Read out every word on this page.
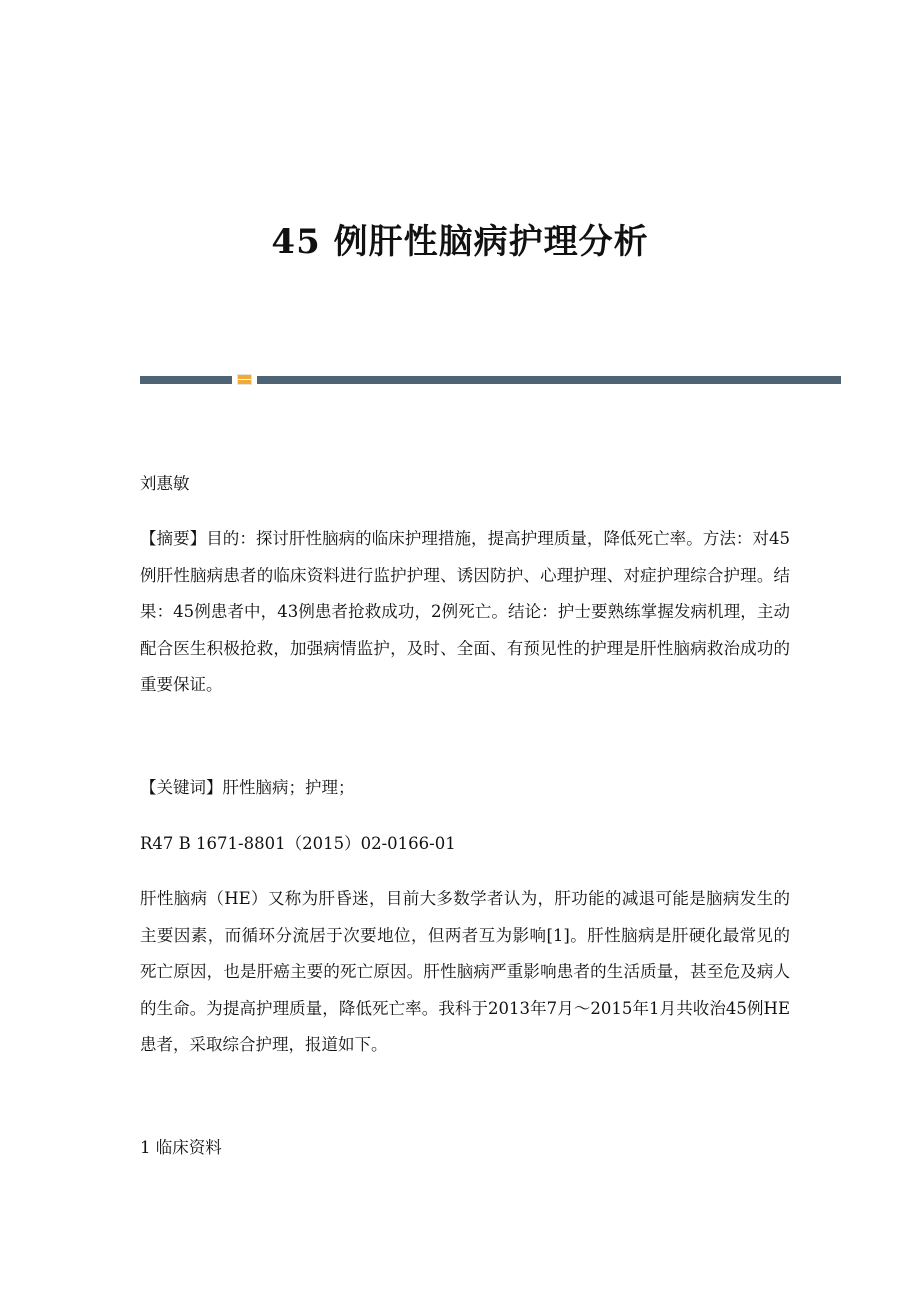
45 例肝性脑病护理分析
刘惠敏
【摘要】目的：探讨肝性脑病的临床护理措施，提高护理质量，降低死亡率。方法：对45例肝性脑病患者的临床资料进行监护护理、诱因防护、心理护理、对症护理综合护理。结果：45例患者中，43例患者抢救成功，2例死亡。结论：护士要熟练掌握发病机理，主动配合医生积极抢救，加强病情监护，及时、全面、有预见性的护理是肝性脑病救治成功的重要保证。
【关键词】肝性脑病；护理；
R47 B 1671-8801（2015）02-0166-01
肝性脑病（HE）又称为肝昏迷，目前大多数学者认为，肝功能的减退可能是脑病发生的主要因素，而循环分流居于次要地位，但两者互为影响[1]。肝性脑病是肝硬化最常见的死亡原因，也是肝癌主要的死亡原因。肝性脑病严重影响患者的生活质量，甚至危及病人的生命。为提高护理质量，降低死亡率。我科于2013年7月～2015年1月共收治45例HE患者，采取综合护理，报道如下。
1 临床资料
